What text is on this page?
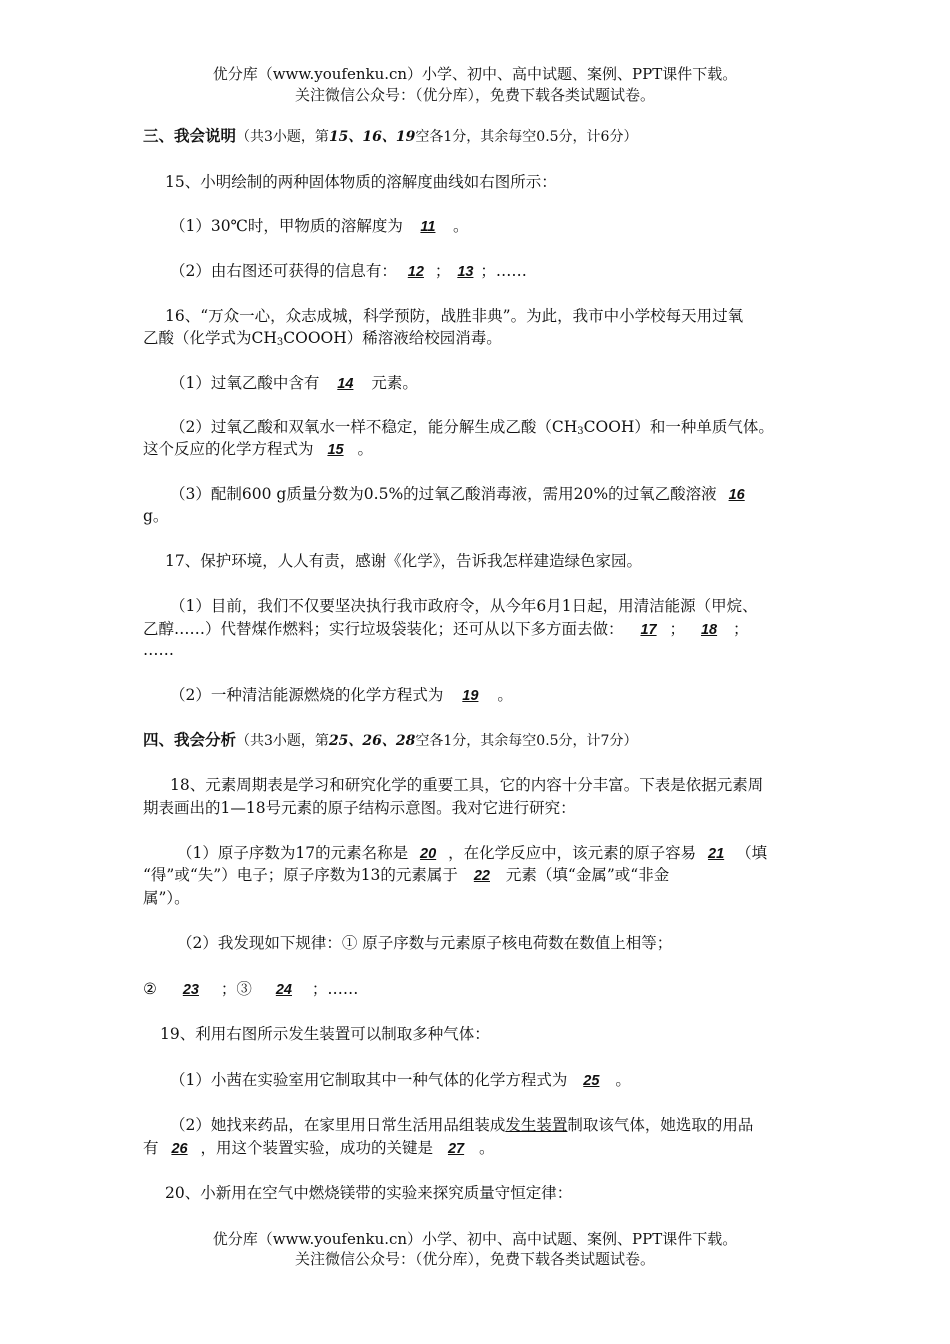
优分库（www.youfenku.cn）小学、初中、高中试题、案例、PPT课件下载。
关注微信公众号：（优分库），免费下载各类试题试卷。
三、我会说明（共3小题，第15、16、19空各1分，其余每空0.5分，计6分）
15、小明绘制的两种固体物质的溶解度曲线如右图所示：
（1）30℃时，甲物质的溶解度为 11 。
（2）由右图还可获得的信息有： 12 ； 13 ；……
16、“万众一心，众志成城，科学预防，战胜非典”。为此，我市中小学校每天用过氧
乙酸（化学式为$CH_3COOOH$）稀溶液给校园消毒。
（1）过氧乙酸中含有 14 元素。
（2）过氧乙酸和双氧水一样不稳定，能分解生成乙酸$(CH_3COOH)$和一种单质气体。
这个反应的化学方程式为 15 。
（3）配制600 g质量分数为0.5%的过氧乙酸消毒液，需用20%的过氧乙酸溶液 16
g。
17、保护环境，人人有责，感谢《化学》，告诉我怎样建造绿色家园。
（1）目前，我们不仅要坚决执行我市政府令，从今年6月1日起，用清洁能源（甲烷、
乙醇……）代替煤作燃料；实行垃圾袋装化；还可从以下多方面去做： 17 ； 18 ；
……
（2）一种清洁能源燃烧的化学方程式为 19 。
四、我会分析（共3小题，第25、26、28空各1分，其余每空0.5分，计7分）
18、元素周期表是学习和研究化学的重要工具，它的内容十分丰富。下表是依据元素周
期表画出的1—18号元素的原子结构示意图。我对它进行研究：
（1）原子序数为17的元素名称是 20 ，在化学反应中，该元素的原子容易 21 （填
“得”或“失”）电子；原子序数为13的元素属于 22 元素（填“金属”或“非金
属”）。
（2）我发现如下规律：① 原子序数与元素原子核电荷数在数值上相等；
② 23 ；③ 24 ；……
19、利用右图所示发生装置可以制取多种气体：
（1）小茜在实验室用它制取其中一种气体的化学方程式为 25 。
（2）她找来药品，在家里用日常生活用品组装成发生装置制取该气体，她选取的用品
有 26 ，用这个装置实验，成功的关键是 27 。
20、小新用在空气中燃烧镁带的实验来探究质量守恒定律：
优分库（www.youfenku.cn）小学、初中、高中试题、案例、PPT课件下载。
关注微信公众号：（优分库），免费下载各类试题试卷。
